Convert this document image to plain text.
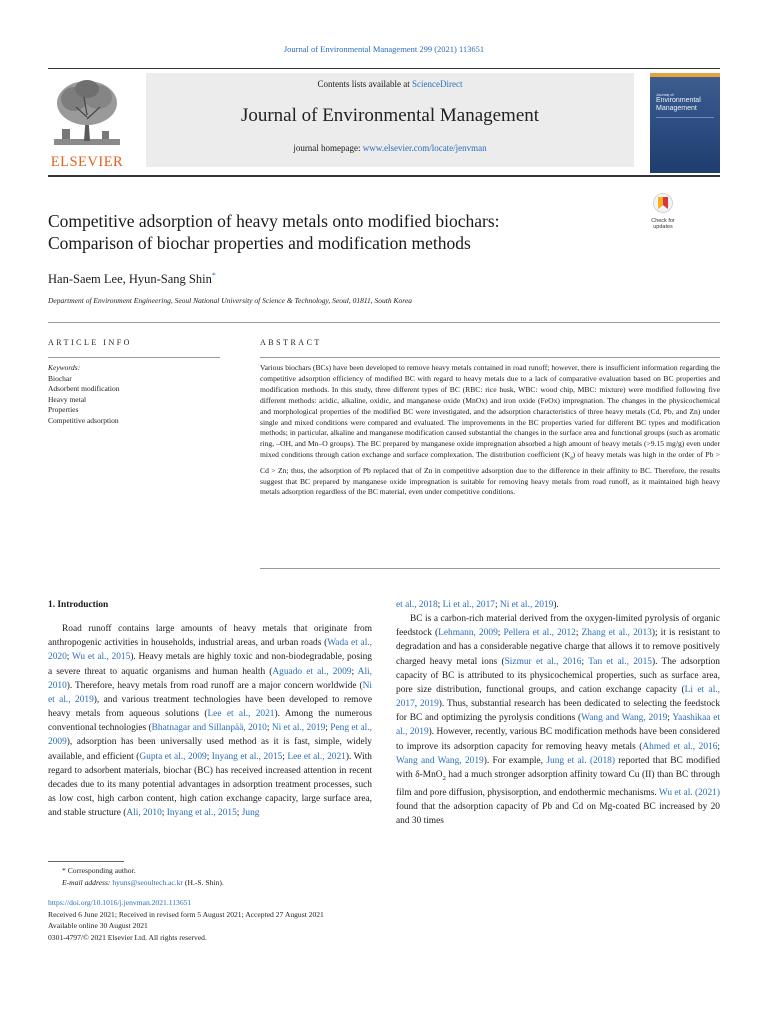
Journal of Environmental Management 299 (2021) 113651
ELSEVIER
Contents lists available at ScienceDirect
Journal of Environmental Management
journal homepage: www.elsevier.com/locate/jenvman
Journal of
Environmental Management
Competitive adsorption of heavy metals onto modified biochars:
Comparison of biochar properties and modification methods
Check for
updates
Han-Saem Lee, Hyun-Sang Shin*
Department of Environment Engineering, Seoul National University of Science & Technology, Seoul, 01811, South Korea
ARTICLE INFO	ABSTRACT
Keywords:
Biochar
Adsorbent modification
Heavy metal
Properties
Competitive adsorption
Various biochars (BCs) have been developed to remove heavy metals contained in road runoff; however, there is insufficient information regarding the competitive adsorption efficiency of modified BC with regard to heavy metals due to a lack of comparative evaluation based on BC properties and modification methods. In this study, three different types of BC (RBC: rice husk, WBC: wood chip, MBC: mixture) were modified following five different methods: acidic, alkaline, oxidic, and manganese oxide (MnOx) and iron oxide (FeOx) impregnation. The changes in the physicochemical and morphological properties of the modified BC were investigated, and the adsorption characteristics of three heavy metals (Cd, Pb, and Zn) under single and mixed conditions were compared and evaluated. The improvements in the BC properties varied for different BC types and modification methods; in particular, alkaline and manganese modification caused substantial the changes in the surface area and functional groups (such as aromatic ring, –OH, and Mn–O groups). The BC prepared by manganese oxide impregnation absorbed a high amount of heavy metals (>9.15 mg/g) even under mixed conditions through cation exchange and surface complexation. The distribution coefficient $(K_d)$ of heavy metals was high in the order of Pb > Cd > Zn; thus, the adsorption of Pb replaced that of Zn in competitive adsorption due to the difference in their affinity to BC. Therefore, the results suggest that BC prepared by manganese oxide impregnation is suitable for removing heavy metals from road runoff, as it maintained high heavy metals adsorption regardless of the BC material, even under competitive conditions.

1. Introduction

Road runoff contains large amounts of heavy metals that originate from anthropogenic activities in households, industrial areas, and urban roads (Wada et al., 2020; Wu et al., 2015). Heavy metals are highly toxic and non-biodegradable, posing a severe threat to aquatic organisms and human health (Aguado et al., 2009; Ali, 2010). Therefore, heavy metals from road runoff are a major concern worldwide (Ni et al., 2019), and various treatment technologies have been developed to remove heavy metals from aqueous solutions (Lee et al., 2021). Among the numerous conventional technologies (Bhatnagar and Sillanpää, 2010; Ni et al., 2019; Peng et al., 2009), adsorption has been universally used method as it is fast, simple, widely available, and efficient (Gupta et al., 2009; Inyang et al., 2015; Lee et al., 2021). With regard to adsorbent materials, biochar (BC) has received increased attention in recent decades due to its many potential advantages in adsorption treatment processes, such as low cost, high carbon content, high cation exchange capacity, large surface area, and stable structure (Ali, 2010; Inyang et al., 2015; Jung

et al., 2018; Li et al., 2017; Ni et al., 2019).

BC is a carbon-rich material derived from the oxygen-limited pyrolysis of organic feedstock (Lehmann, 2009; Pellera et al., 2012; Zhang et al., 2013); it is resistant to degradation and has a considerable negative charge that allows it to remove positively charged heavy metal ions (Sizmur et al., 2016; Tan et al., 2015). The adsorption capacity of BC is attributed to its physicochemical properties, such as surface area, pore size distribution, functional groups, and cation exchange capacity (Li et al., 2017, 2019). Thus, substantial research has been dedicated to selecting the feedstock for BC and optimizing the pyrolysis conditions (Wang and Wang, 2019; Yaashikaa et al., 2019). However, recently, various BC modification methods have been considered to improve its adsorption capacity for removing heavy metals (Ahmed et al., 2016; Wang and Wang, 2019). For example, Jung et al. (2018) reported that BC modified with δ-MnO$_2$ had a much stronger adsorption affinity toward Cu (II) than BC through film and pore diffusion, physisorption, and endothermic mechanisms. Wu et al. (2021) found that the adsorption capacity of Pb and Cd on Mg-coated BC increased by 20 and 30 times

* Corresponding author.
E-mail address: hyuns@seoultech.ac.kr (H.-S. Shin).
https://doi.org/10.1016/j.jenvman.2021.113651
Received 6 June 2021; Received in revised form 5 August 2021; Accepted 27 August 2021
Available online 30 August 2021
0301-4797/© 2021 Elsevier Ltd. All rights reserved.
